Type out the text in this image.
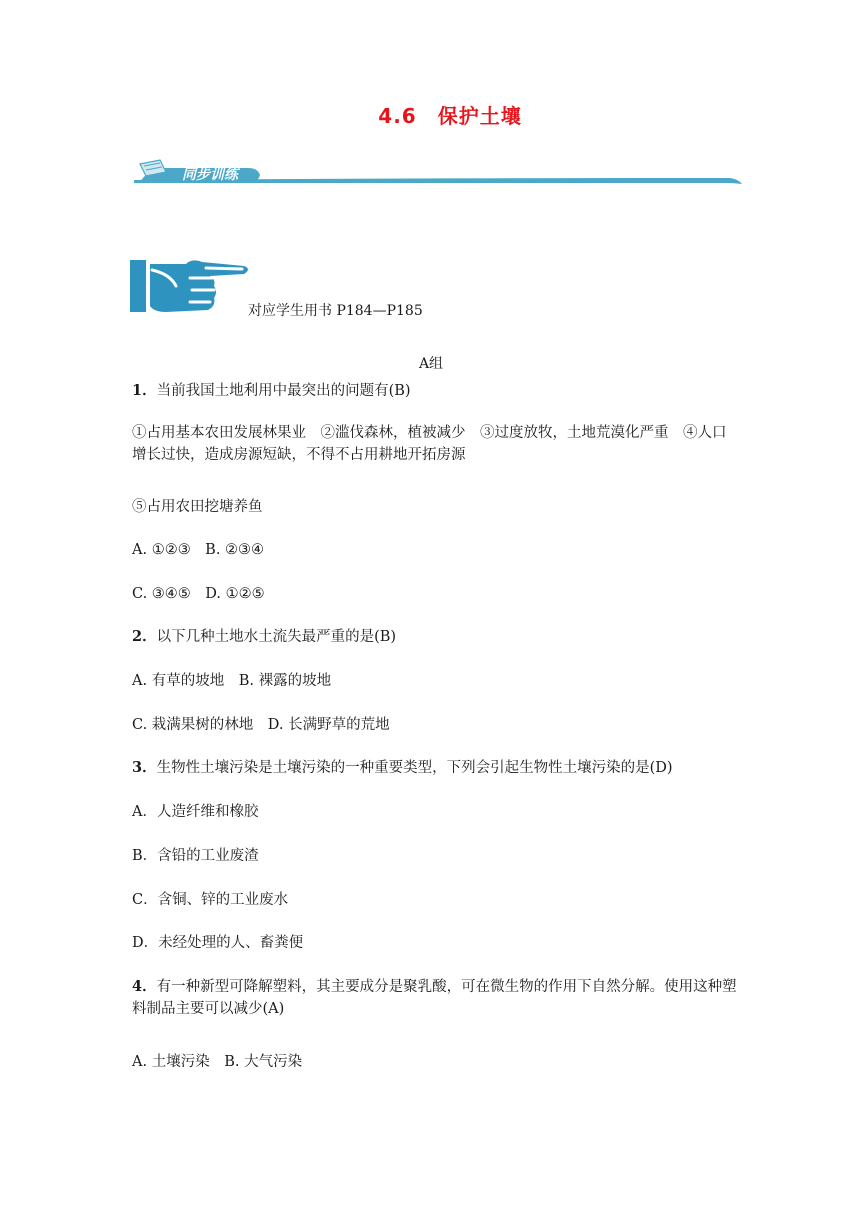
4.6　保护土壤
同步训练
对应学生用书 P184—P185
A组

1．当前我国土地利用中最突出的问题有(B)

①占用基本农田发展林果业　②滥伐森林，植被减少　③过度放牧，土地荒漠化严重　④人口

增长过快，造成房源短缺，不得不占用耕地开拓房源

⑤占用农田挖塘养鱼

A. ①②③　B. ②③④

C. ③④⑤　D. ①②⑤

2．以下几种土地水土流失最严重的是(B)

A. 有草的坡地　B. 裸露的坡地

C. 栽满果树的林地　D. 长满野草的荒地

3．生物性土壤污染是土壤污染的一种重要类型，下列会引起生物性土壤污染的是(D)

A．人造纤维和橡胶

B．含铅的工业废渣

C．含铜、锌的工业废水

D．未经处理的人、畜粪便

4．有一种新型可降解塑料，其主要成分是聚乳酸，可在微生物的作用下自然分解。使用这种塑

料制品主要可以减少(A)

A. 土壤污染　B. 大气污染
